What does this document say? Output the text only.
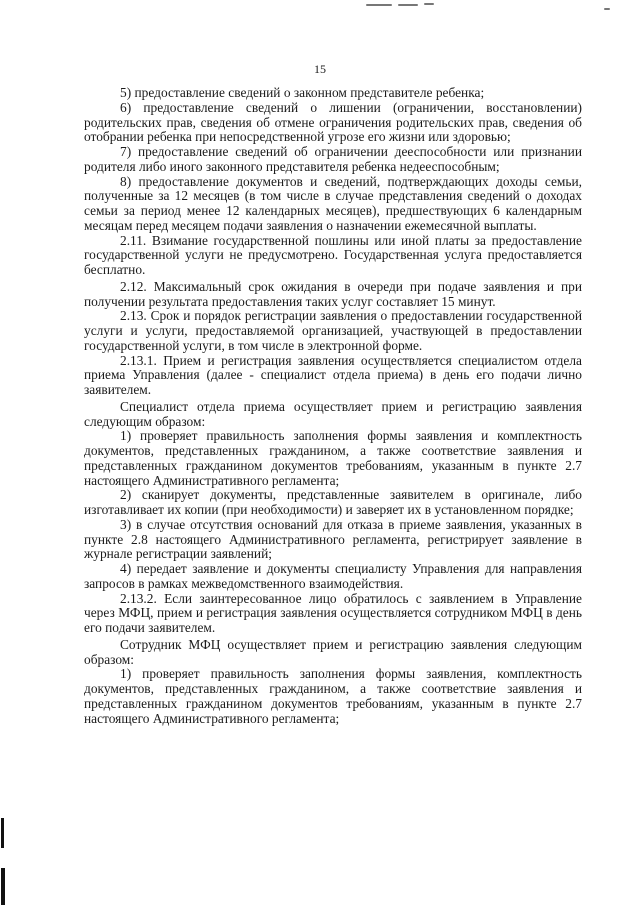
15

5) предоставление сведений о законном представителе ребенка;

6) предоставление сведений о лишении (ограничении, восстановлении) родительских прав, сведения об отмене ограничения родительских прав, сведения об отобрании ребенка при непосредственной угрозе его жизни или здоровью;

7) предоставление сведений об ограничении дееспособности или признании родителя либо иного законного представителя ребенка недееспособным;

8) предоставление документов и сведений, подтверждающих доходы семьи, полученные за 12 месяцев (в том числе в случае представления сведений о доходах семьи за период менее 12 календарных месяцев), предшествующих 6 календарным месяцам перед месяцем подачи заявления о назначении ежемесячной выплаты.

2.11. Взимание государственной пошлины или иной платы за предоставление государственной услуги не предусмотрено. Государственная услуга предоставляется бесплатно.

2.12. Максимальный срок ожидания в очереди при подаче заявления и при получении результата предоставления таких услуг составляет 15 минут.

2.13. Срок и порядок регистрации заявления о предоставлении государственной услуги и услуги, предоставляемой организацией, участвующей в предоставлении государственной услуги, в том числе в электронной форме.

2.13.1. Прием и регистрация заявления осуществляется специалистом отдела приема Управления (далее - специалист отдела приема) в день его подачи лично заявителем.

Специалист отдела приема осуществляет прием и регистрацию заявления следующим образом:

1) проверяет правильность заполнения формы заявления и комплектность документов, представленных гражданином, а также соответствие заявления и представленных гражданином документов требованиям, указанным в пункте 2.7 настоящего Административного регламента;

2) сканирует документы, представленные заявителем в оригинале, либо изготавливает их копии (при необходимости) и заверяет их в установленном порядке;

3) в случае отсутствия оснований для отказа в приеме заявления, указанных в пункте 2.8 настоящего Административного регламента, регистрирует заявление в журнале регистрации заявлений;

4) передает заявление и документы специалисту Управления для направления запросов в рамках межведомственного взаимодействия.

2.13.2. Если заинтересованное лицо обратилось с заявлением в Управление через МФЦ, прием и регистрация заявления осуществляется сотрудником МФЦ в день его подачи заявителем.

Сотрудник МФЦ осуществляет прием и регистрацию заявления следующим образом:

1) проверяет правильность заполнения формы заявления, комплектность документов, представленных гражданином, а также соответствие заявления и представленных гражданином документов требованиям, указанным в пункте 2.7 настоящего Административного регламента;
